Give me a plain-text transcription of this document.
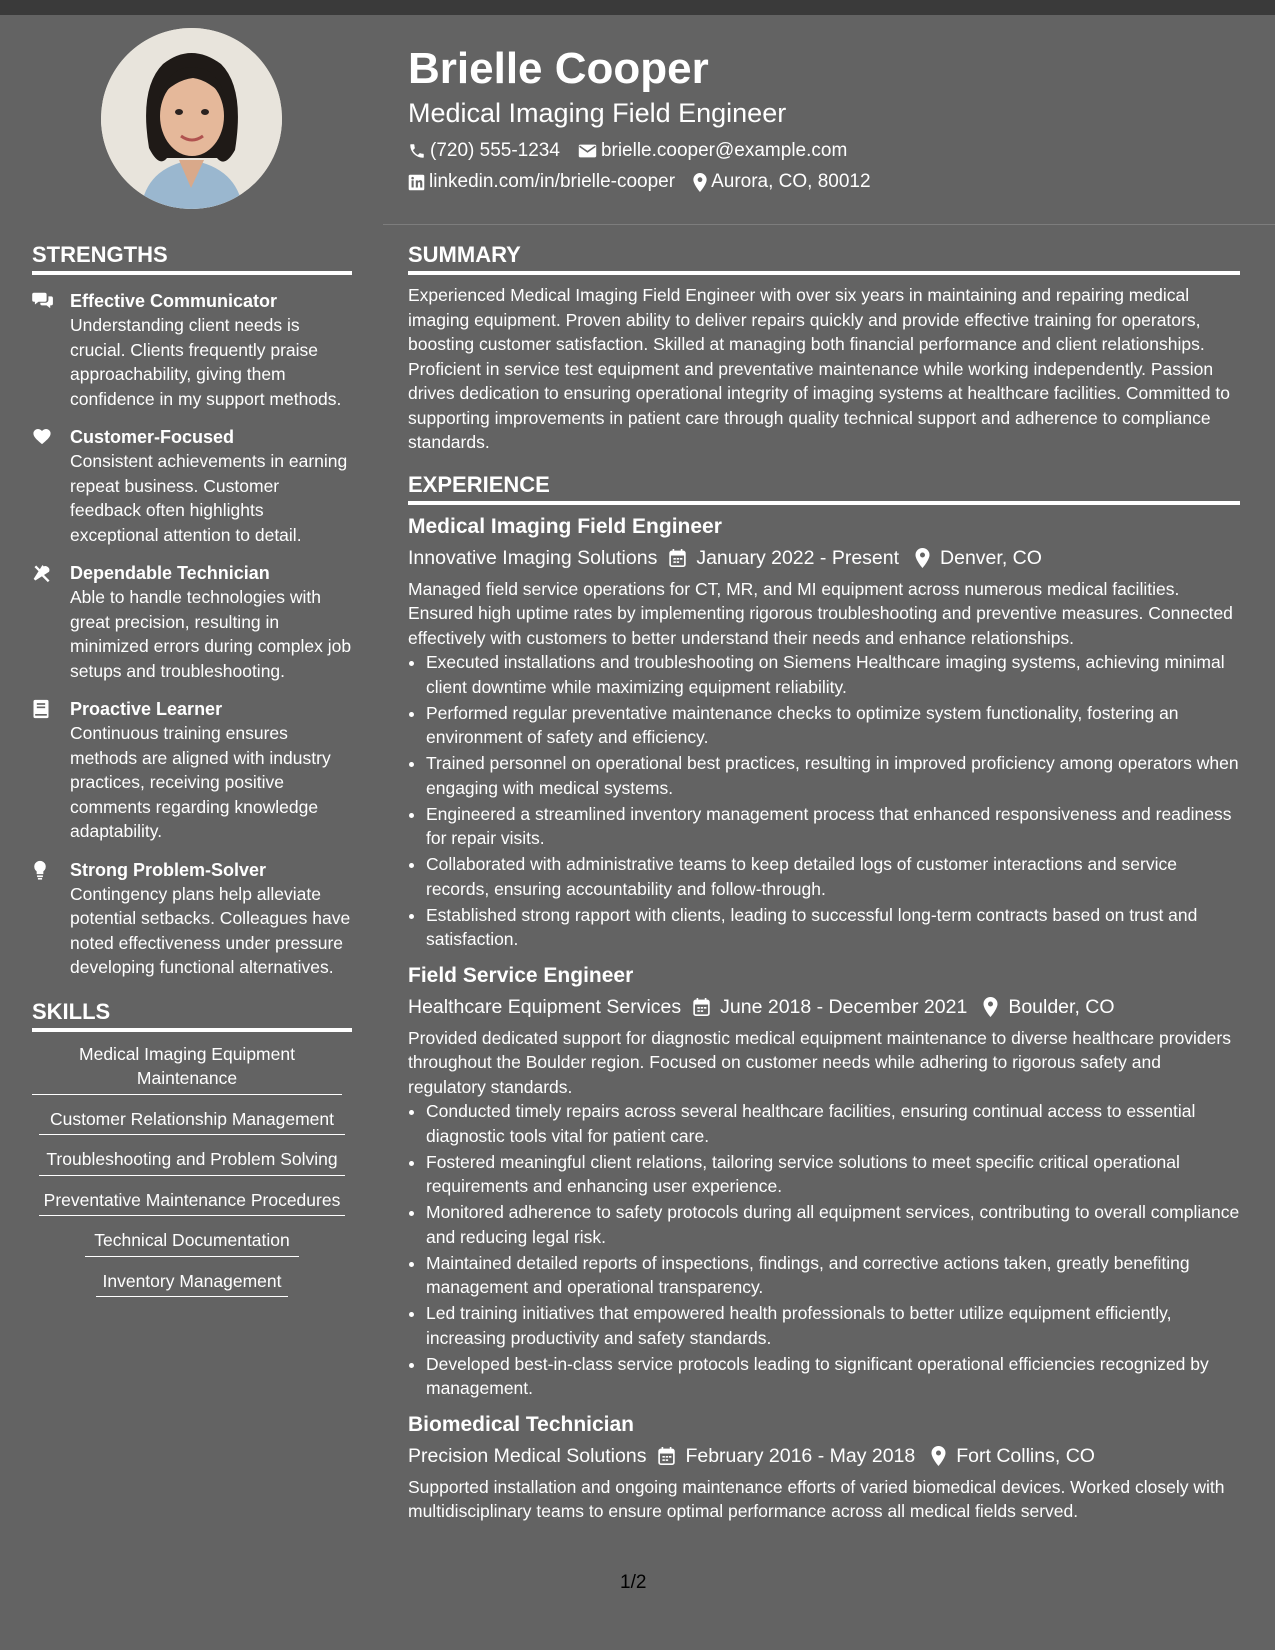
Brielle Cooper
Medical Imaging Field Engineer
(720) 555-1234 brielle.cooper@example.com
linkedin.com/in/brielle-cooper Aurora, CO, 80012
STRENGTHS
Effective Communicator
Understanding client needs is crucial. Clients frequently praise approachability, giving them confidence in my support methods.
Customer-Focused
Consistent achievements in earning repeat business. Customer feedback often highlights exceptional attention to detail.
Dependable Technician
Able to handle technologies with great precision, resulting in minimized errors during complex job setups and troubleshooting.
Proactive Learner
Continuous training ensures methods are aligned with industry practices, receiving positive comments regarding knowledge adaptability.
Strong Problem-Solver
Contingency plans help alleviate potential setbacks. Colleagues have noted effectiveness under pressure developing functional alternatives.
SKILLS
Medical Imaging Equipment Maintenance
Customer Relationship Management
Troubleshooting and Problem Solving
Preventative Maintenance Procedures
Technical Documentation
Inventory Management
SUMMARY
Experienced Medical Imaging Field Engineer with over six years in maintaining and repairing medical imaging equipment. Proven ability to deliver repairs quickly and provide effective training for operators, boosting customer satisfaction. Skilled at managing both financial performance and client relationships. Proficient in service test equipment and preventative maintenance while working independently. Passion drives dedication to ensuring operational integrity of imaging systems at healthcare facilities. Committed to supporting improvements in patient care through quality technical support and adherence to compliance standards.
EXPERIENCE
Medical Imaging Field Engineer
Innovative Imaging Solutions January 2022 - Present Denver, CO
Managed field service operations for CT, MR, and MI equipment across numerous medical facilities. Ensured high uptime rates by implementing rigorous troubleshooting and preventive measures. Connected effectively with customers to better understand their needs and enhance relationships.
• Executed installations and troubleshooting on Siemens Healthcare imaging systems, achieving minimal client downtime while maximizing equipment reliability.
• Performed regular preventative maintenance checks to optimize system functionality, fostering an environment of safety and efficiency.
• Trained personnel on operational best practices, resulting in improved proficiency among operators when engaging with medical systems.
• Engineered a streamlined inventory management process that enhanced responsiveness and readiness for repair visits.
• Collaborated with administrative teams to keep detailed logs of customer interactions and service records, ensuring accountability and follow-through.
• Established strong rapport with clients, leading to successful long-term contracts based on trust and satisfaction.
Field Service Engineer
Healthcare Equipment Services June 2018 - December 2021 Boulder, CO
Provided dedicated support for diagnostic medical equipment maintenance to diverse healthcare providers throughout the Boulder region. Focused on customer needs while adhering to rigorous safety and regulatory standards.
• Conducted timely repairs across several healthcare facilities, ensuring continual access to essential diagnostic tools vital for patient care.
• Fostered meaningful client relations, tailoring service solutions to meet specific critical operational requirements and enhancing user experience.
• Monitored adherence to safety protocols during all equipment services, contributing to overall compliance and reducing legal risk.
• Maintained detailed reports of inspections, findings, and corrective actions taken, greatly benefiting management and operational transparency.
• Led training initiatives that empowered health professionals to better utilize equipment efficiently, increasing productivity and safety standards.
• Developed best-in-class service protocols leading to significant operational efficiencies recognized by management.
Biomedical Technician
Precision Medical Solutions February 2016 - May 2018 Fort Collins, CO
Supported installation and ongoing maintenance efforts of varied biomedical devices. Worked closely with multidisciplinary teams to ensure optimal performance across all medical fields served.
1/2
